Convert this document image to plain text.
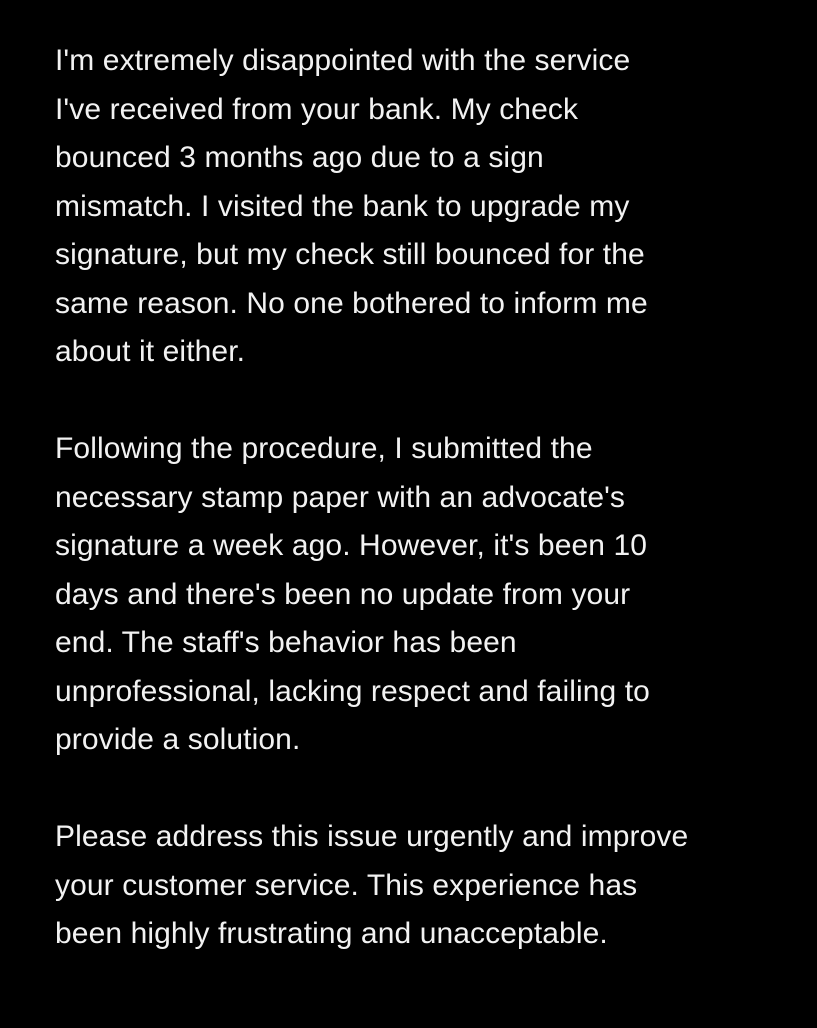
I'm extremely disappointed with the service
I've received from your bank. My check
bounced 3 months ago due to a sign
mismatch. I visited the bank to upgrade my
signature, but my check still bounced for the
same reason. No one bothered to inform me
about it either.
Following the procedure, I submitted the
necessary stamp paper with an advocate's
signature a week ago. However, it's been 10
days and there's been no update from your
end. The staff's behavior has been
unprofessional, lacking respect and failing to
provide a solution.
Please address this issue urgently and improve
your customer service. This experience has
been highly frustrating and unacceptable.
